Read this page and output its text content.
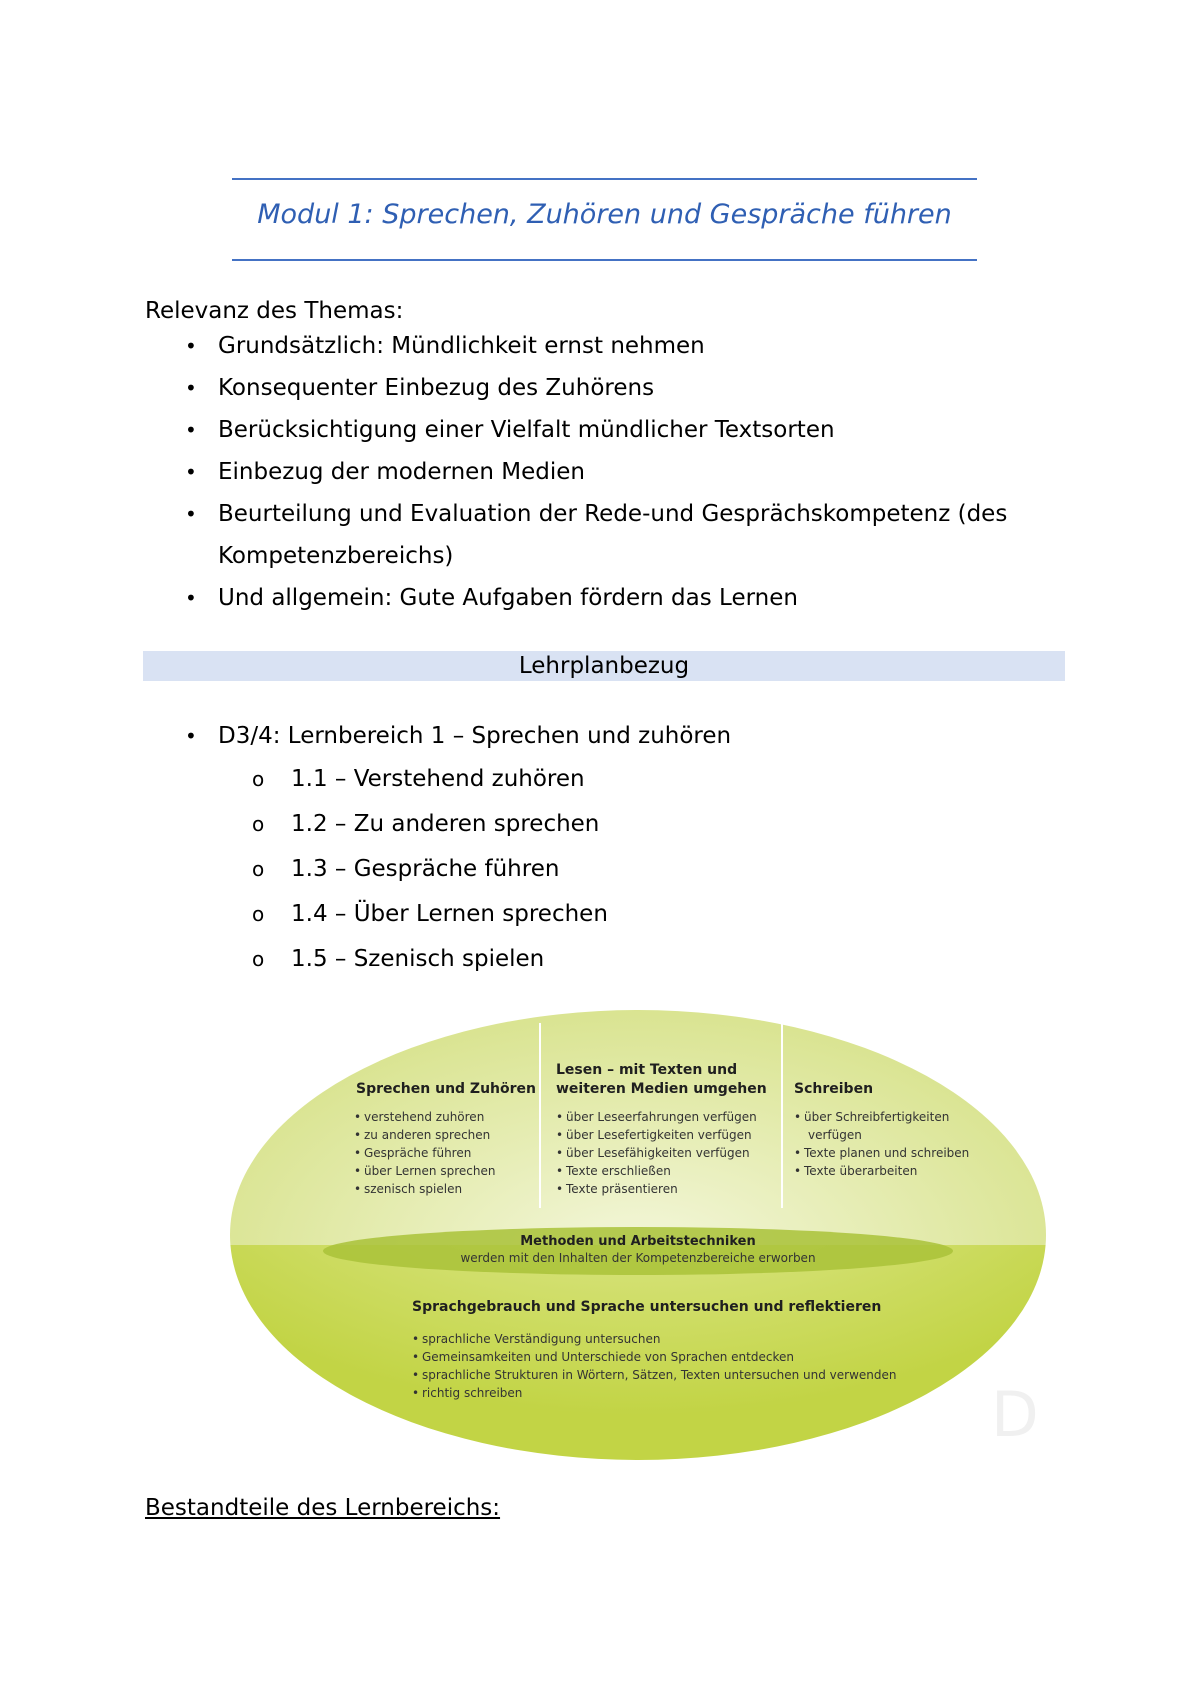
Modul 1: Sprechen, Zuhören und Gespräche führen
Relevanz des Themas:
• Grundsätzlich: Mündlichkeit ernst nehmen
• Konsequenter Einbezug des Zuhörens
• Berücksichtigung einer Vielfalt mündlicher Textsorten
• Einbezug der modernen Medien
• Beurteilung und Evaluation der Rede-und Gesprächskompetenz (des Kompetenzbereichs)
• Und allgemein: Gute Aufgaben fördern das Lernen
Lehrplanbezug
• D3/4: Lernbereich 1 – Sprechen und zuhören
o 1.1 – Verstehend zuhören
o 1.2 – Zu anderen sprechen
o 1.3 – Gespräche führen
o 1.4 – Über Lernen sprechen
o 1.5 – Szenisch spielen
Sprechen und Zuhören
verstehend zuhören
zu anderen sprechen
Gespräche führen
über Lernen sprechen
szenisch spielen
•
•
•
•
•
Lesen – mit Texten und
weiteren Medien umgehen
über Leseerfahrungen verfügen
über Lesefertigkeiten verfügen
über Lesefähigkeiten verfügen
Texte erschließen
Texte präsentieren
•
•
•
•
•
Schreiben
über Schreibfertigkeiten
verfügen
Texte planen und schreiben
Texte überarbeiten
•
•
•
Methoden und Arbeitstechniken
werden mit den Inhalten der Kompetenzbereiche erworben
Sprachgebrauch und Sprache untersuchen und reflektieren
sprachliche Verständigung untersuchen
Gemeinsamkeiten und Unterschiede von Sprachen entdecken
sprachliche Strukturen in Wörtern, Sätzen, Texten untersuchen und verwenden
richtig schreiben
•
•
•
•	D
Bestandteile des Lernbereichs:
